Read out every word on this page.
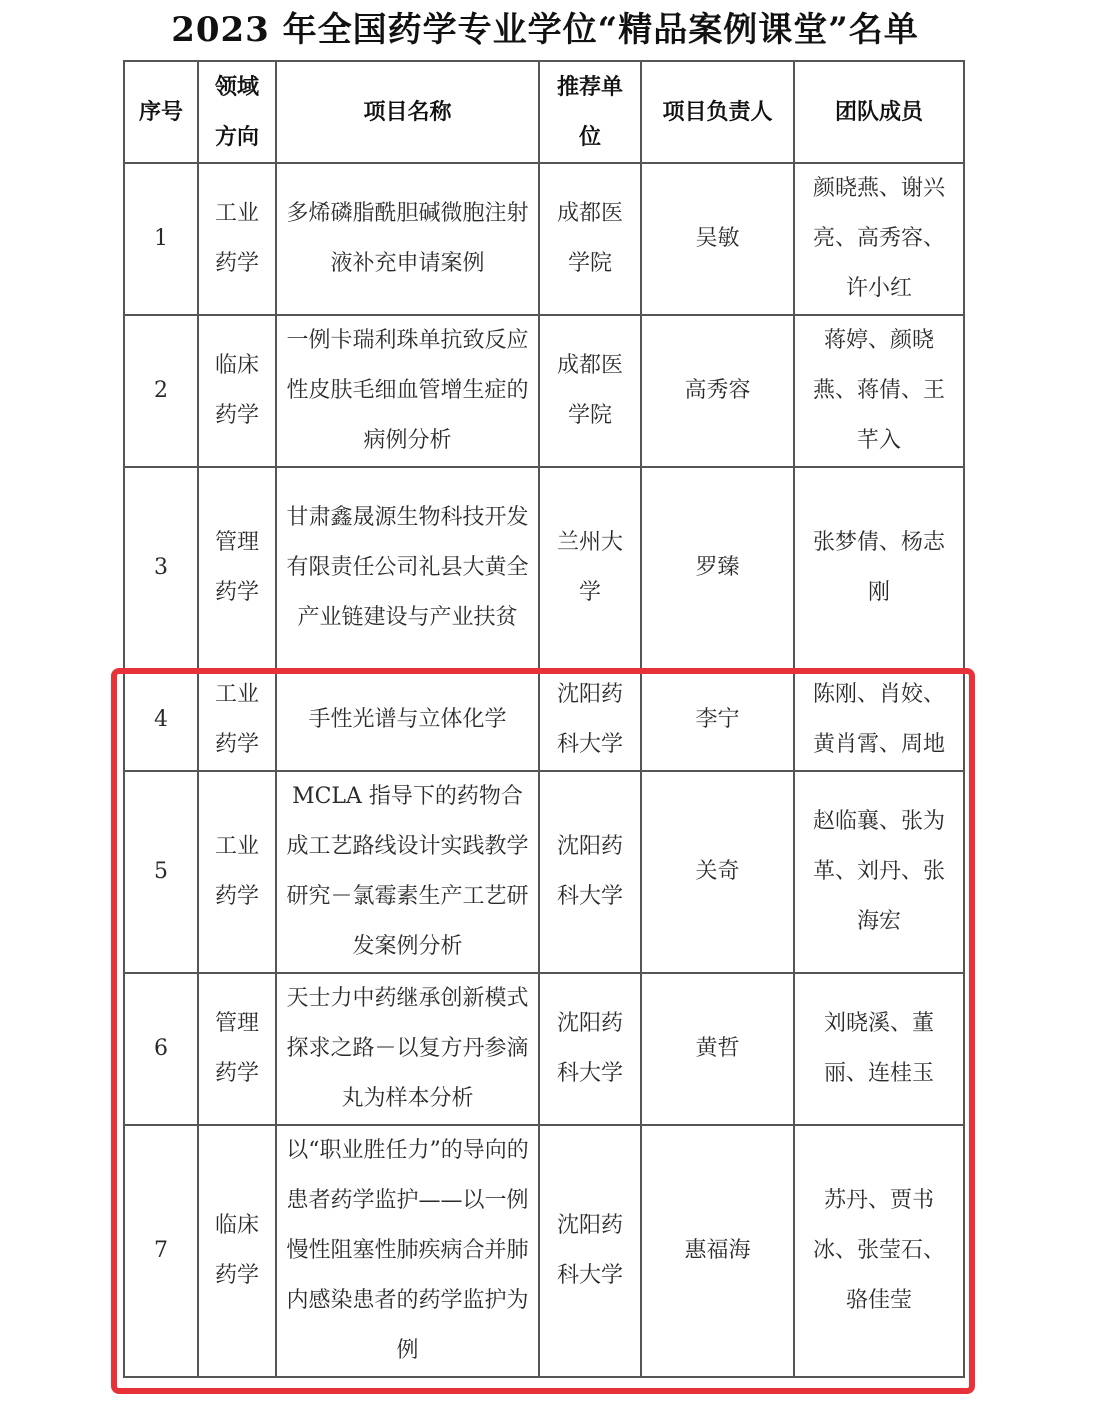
2023 年全国药学专业学位“精品案例课堂”名单
序号	领域方向	项目名称	推荐单位	项目负责人	团队成员

1	工业药学	多烯磷脂酰胆碱微胞注射液补充申请案例	成都医学院	吴敏	颜晓燕、谢兴亮、高秀容、许小红
2	临床药学	一例卡瑞利珠单抗致反应性皮肤毛细血管增生症的病例分析	成都医学院	高秀容	蒋婷、颜晓燕、蒋倩、王芊入
3	管理药学	甘肃鑫晟源生物科技开发有限责任公司礼县大黄全产业链建设与产业扶贫	兰州大学	罗臻	张梦倩、杨志刚
4	工业药学	手性光谱与立体化学	沈阳药科大学	李宁	陈刚、肖姣、黄肖霄、周地
5	工业药学	MCLA 指导下的药物合成工艺路线设计实践教学研究－氯霉素生产工艺研发案例分析	沈阳药科大学	关奇	赵临襄、张为革、刘丹、张海宏
6	管理药学	天士力中药继承创新模式探求之路－以复方丹参滴丸为样本分析	沈阳药科大学	黄哲	刘晓溪、董丽、连桂玉
7	临床药学	以“职业胜任力”的导向的患者药学监护——以一例慢性阻塞性肺疾病合并肺内感染患者的药学监护为例	沈阳药科大学	惠福海	苏丹、贾书冰、张莹石、骆佳莹
